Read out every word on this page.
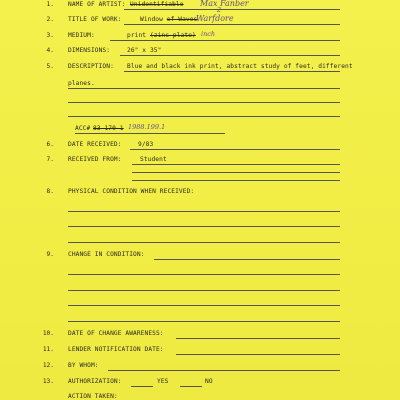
1. NAME OF ARTIST: Unidentifiable Max Fanber
2. TITLE OF WORK:	Window of Waves
Warfdore
2
3. MEDIUM:	print (zinc plate) inch
4. DIMENSIONS:	26" x 35"
5. DESCRIPTION: Blue and black ink print, abstract study of feet, different
planes.
ACC# 83-170-1 1988.199.1
6. DATE RECEIVED:	9/83
7. RECEIVED FROM:	Student
8. PHYSICAL CONDITION WHEN RECEIVED:
9. CHANGE IN CONDITION:
10. DATE OF CHANGE AWARENESS:
11. LENDER NOTIFICATION DATE:
12. BY WHOM:
13. AUTHORIZATION:	YES	NO
ACTION TAKEN:
